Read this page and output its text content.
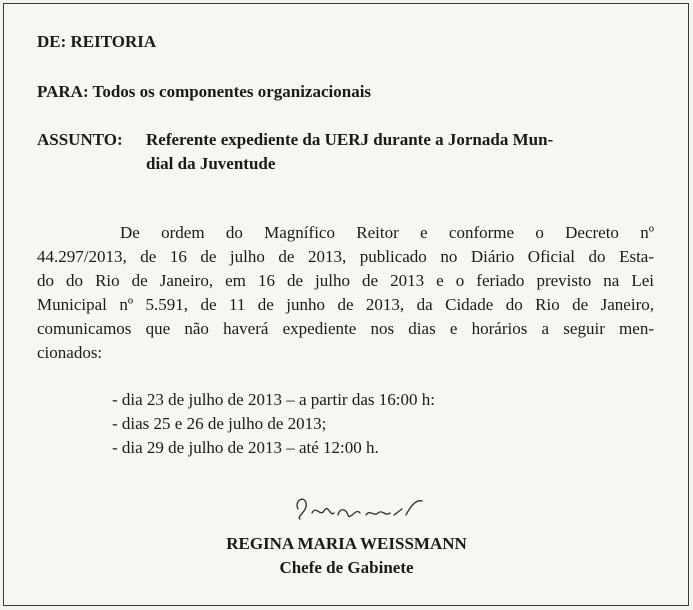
DE: REITORIA
PARA: Todos os componentes organizacionais
ASSUNTO: Referente expediente da UERJ durante a Jornada Mun-
dial da Juventude
De ordem do Magnífico Reitor e conforme o Decreto nº
44.297/2013, de 16 de julho de 2013, publicado no Diário Oficial do Esta-
do do Rio de Janeiro, em 16 de julho de 2013 e o feriado previsto na Lei
Municipal nº 5.591, de 11 de junho de 2013, da Cidade do Rio de Janeiro,
comunicamos que não haverá expediente nos dias e horários a seguir men-
cionados:
- dia 23 de julho de 2013 – a partir das 16:00 h:
- dias 25 e 26 de julho de 2013;
- dia 29 de julho de 2013 – até 12:00 h.
REGINA MARIA WEISSMANN
Chefe de Gabinete
